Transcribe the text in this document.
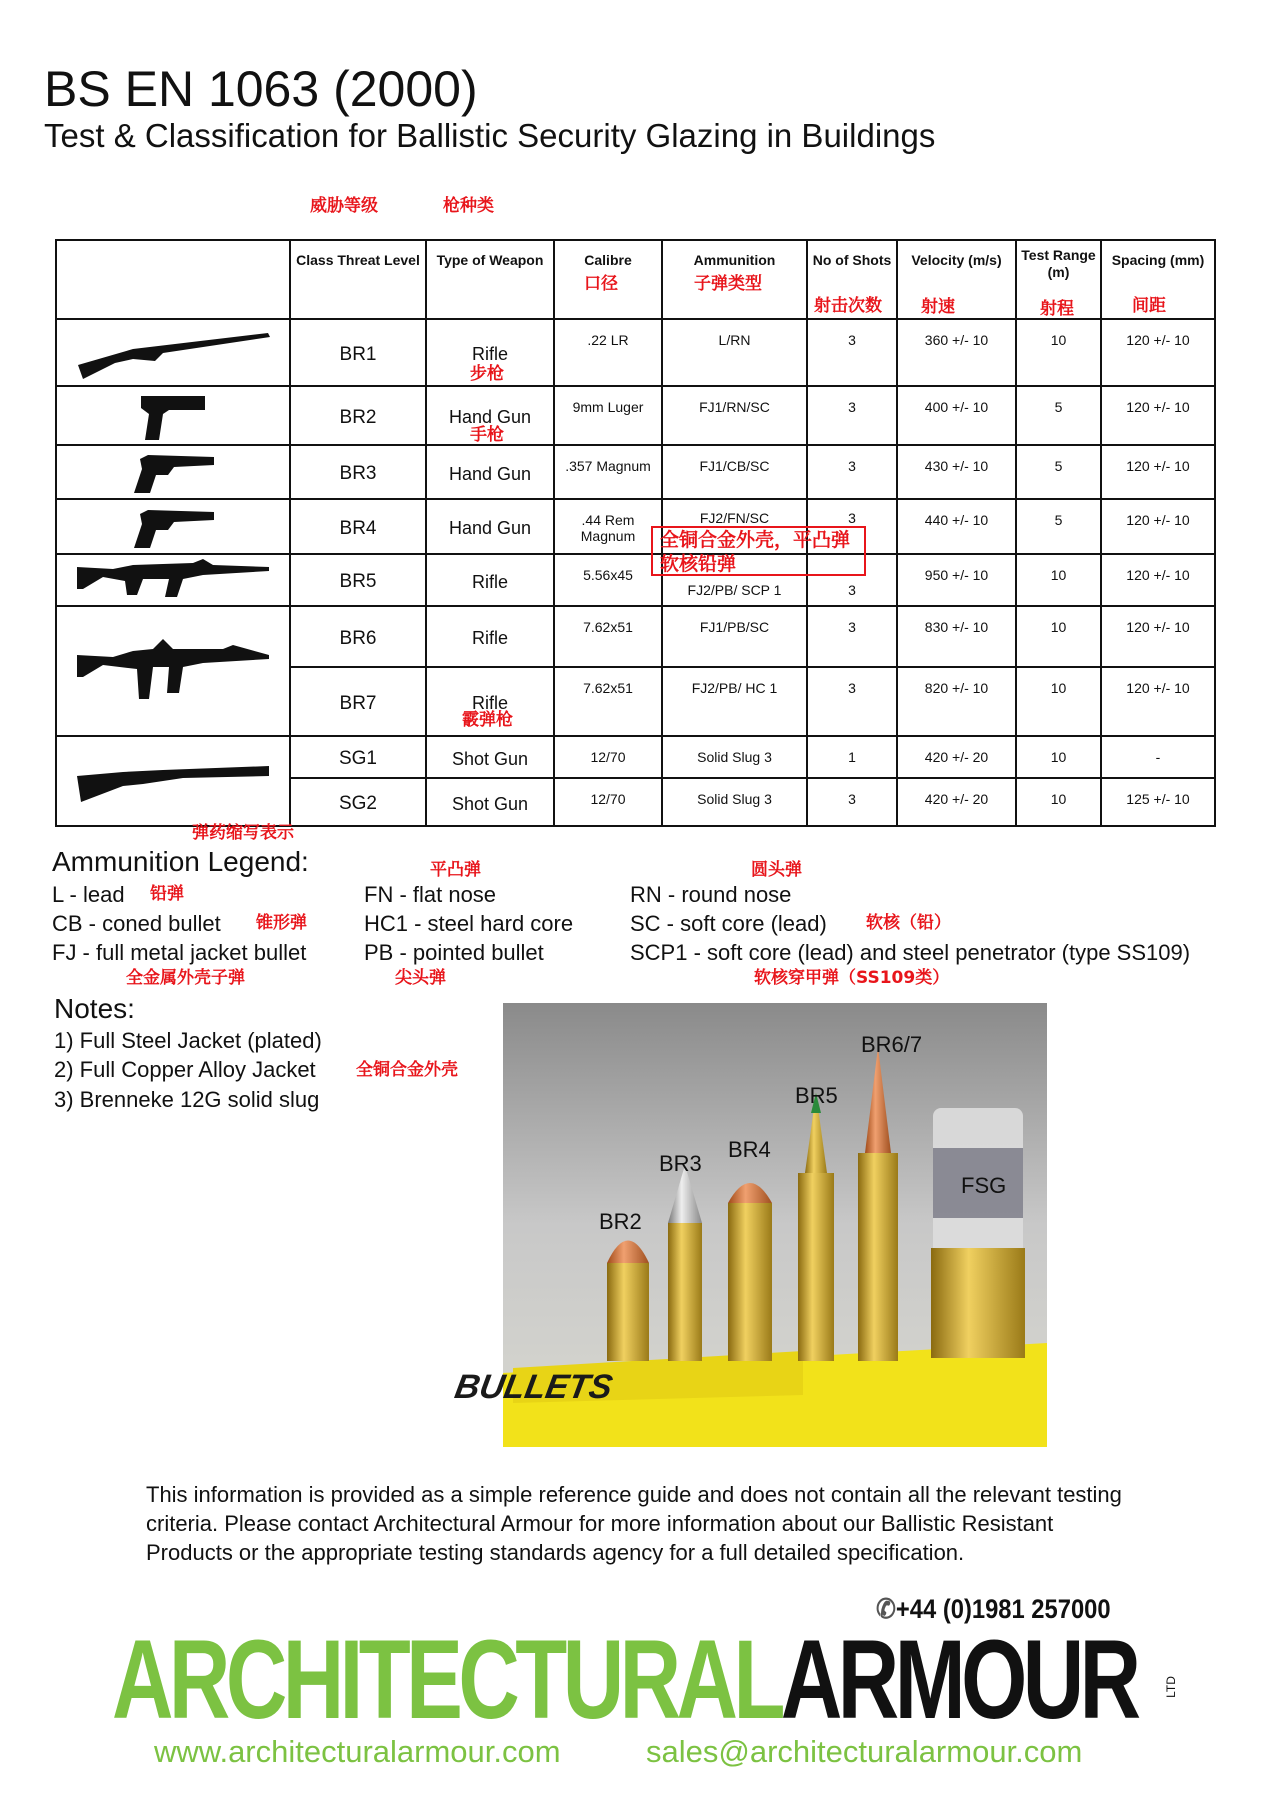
BS EN 1063 (2000)
Test & Classification for Ballistic Security Glazing in Buildings
	Class Threat Level	Type of Weapon	Calibre	Ammunition	No of Shots	Velocity (m/s)	Test Range (m)	Spacing (mm)

	BR1	Rifle	.22 LR	L/RN	3	360 +/- 10	10	120 +/- 10

	BR2	Hand Gun	9mm Luger	FJ1/RN/SC	3	400 +/- 10	5	120 +/- 10

	BR3	Hand Gun	.357 Magnum	FJ1/CB/SC	3	430 +/- 10	5	120 +/- 10

	BR4	Hand Gun	.44 Rem Magnum	FJ2/FN/SC	3	440 +/- 10	5	120 +/- 10

	BR5	Rifle	5.56x45	FJ2/PB/ SCP 1	3	950 +/- 10	10	120 +/- 10

	BR6	Rifle	7.62x51	FJ1/PB/SC	3	830 +/- 10	10	120 +/- 10
	BR7	Rifle	7.62x51	FJ2/PB/ HC 1	3	820 +/- 10	10	120 +/- 10

	SG1	Shot Gun	12/70	Solid Slug 3	1	420 +/- 20	10	-
	SG2	Shot Gun	12/70	Solid Slug 3	3	420 +/- 20	10	125 +/- 10
威胁等级	枪种类
口径	子弹类型
射击次数 射速	射程	间距
步枪
手枪
霰弹枪
全铜合金外壳，平凸弹
软核铅弹
弹药缩写表示
Ammunition Legend:
L - lead
CB - coned bullet
FJ - full metal jacket bullet
FN - flat nose
HC1 - steel hard core
PB - pointed bullet
RN - round nose
SC - soft core (lead)
SCP1 - soft core (lead) and steel penetrator (type SS109)
平凸弹	圆头弹
铅弹
锥形弹	软核（铅）
全金属外壳子弹	尖头弹	软核穿甲弹（SS109类）
Notes:
1) Full Steel Jacket (plated)
2) Full Copper Alloy Jacket
3) Brenneke 12G solid slug
全铜合金外壳
BULLETS
BR2
BR3
BR4
BR5
BR6/7
FSG
This information is provided as a simple reference guide and does not contain all the relevant testing criteria. Please contact Architectural Armour for more information about our Ballistic Resistant Products or the appropriate testing standards agency for a full detailed specification.
✆+44 (0)1981 257000
ARCHITECTURALARMOUR LTD
www.architecturalarmour.com	sales@architecturalarmour.com
